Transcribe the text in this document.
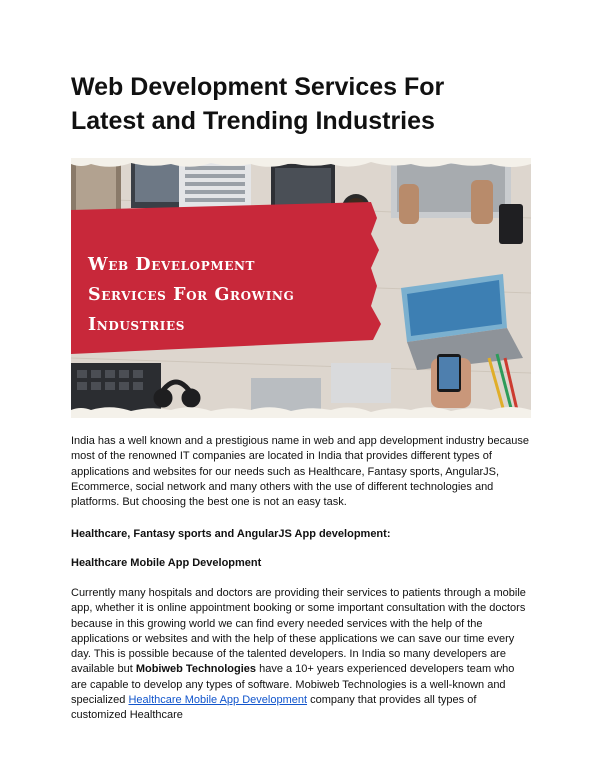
Web Development Services For
Latest and Trending Industries
Web Development
Services For Growing
Industries

India has a well known and a prestigious name in web and app development industry because most of the renowned IT companies are located in India that provides different types of applications and websites for our needs such as Healthcare, Fantasy sports, AngularJS, Ecommerce, social network and many others with the use of different technologies and platforms. But choosing the best one is not an easy task.

Healthcare, Fantasy sports and AngularJS App development:
Healthcare Mobile App Development

Currently many hospitals and doctors are providing their services to patients through a mobile app, whether it is online appointment booking or some important consultation with the doctors because in this growing world we can find every needed services with the help of the applications or websites and with the help of these applications we can save our time every day. This is possible because of the talented developers. In India so many developers are available but Mobiweb Technologies have a 10+ years experienced developers team who are capable to develop any types of software. Mobiweb Technologies is a well-known and specialized Healthcare Mobile App Development company that provides all types of customized Healthcare
